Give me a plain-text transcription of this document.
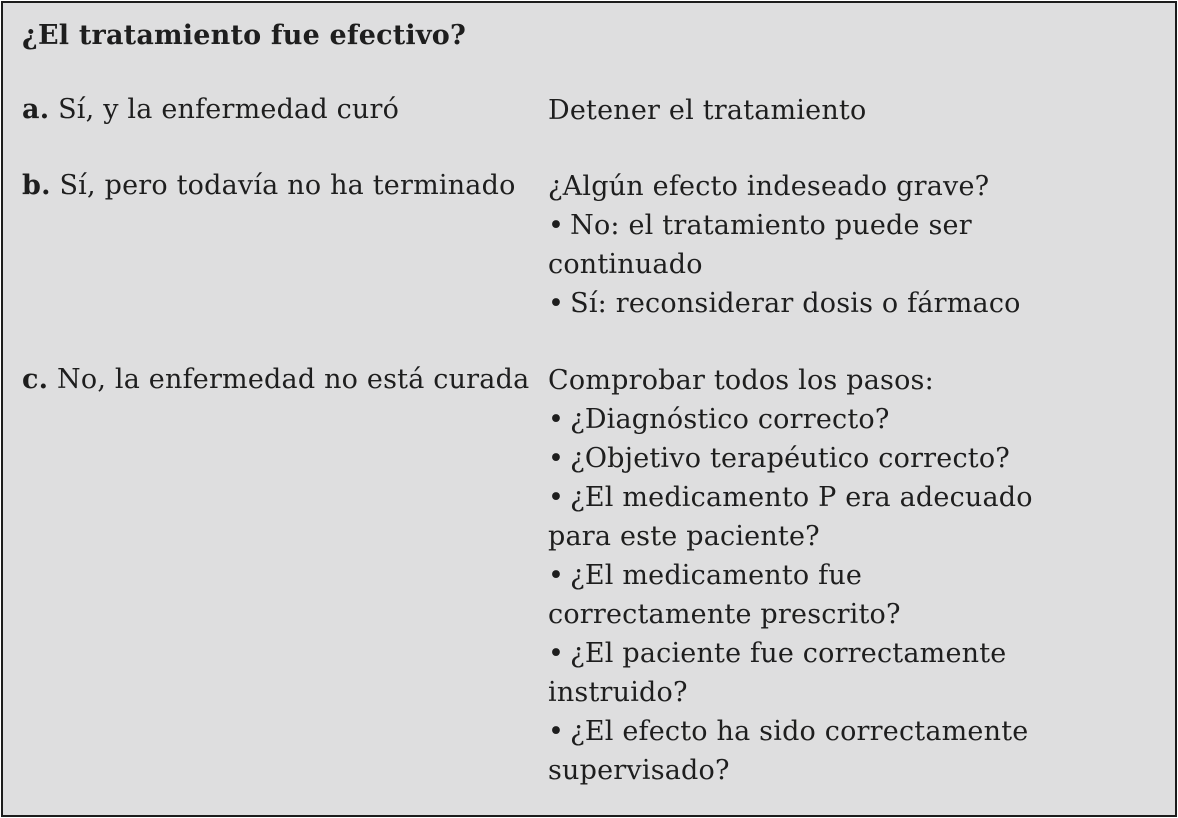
¿El tratamiento fue efectivo?
a. Sí, y la enfermedad curó	Detener el tratamiento
b. Sí, pero todavía no ha terminado ¿Algún efecto indeseado grave?
• No: el tratamiento puede ser continuado
• Sí: reconsiderar dosis o fármaco
c. No, la enfermedad no está curada Comprobar todos los pasos:
• ¿Diagnóstico correcto?
• ¿Objetivo terapéutico correcto?
• ¿El medicamento P era adecuado para este paciente?
• ¿El medicamento fue correctamente prescrito?
• ¿El paciente fue correctamente instruido?
• ¿El efecto ha sido correctamente supervisado?
